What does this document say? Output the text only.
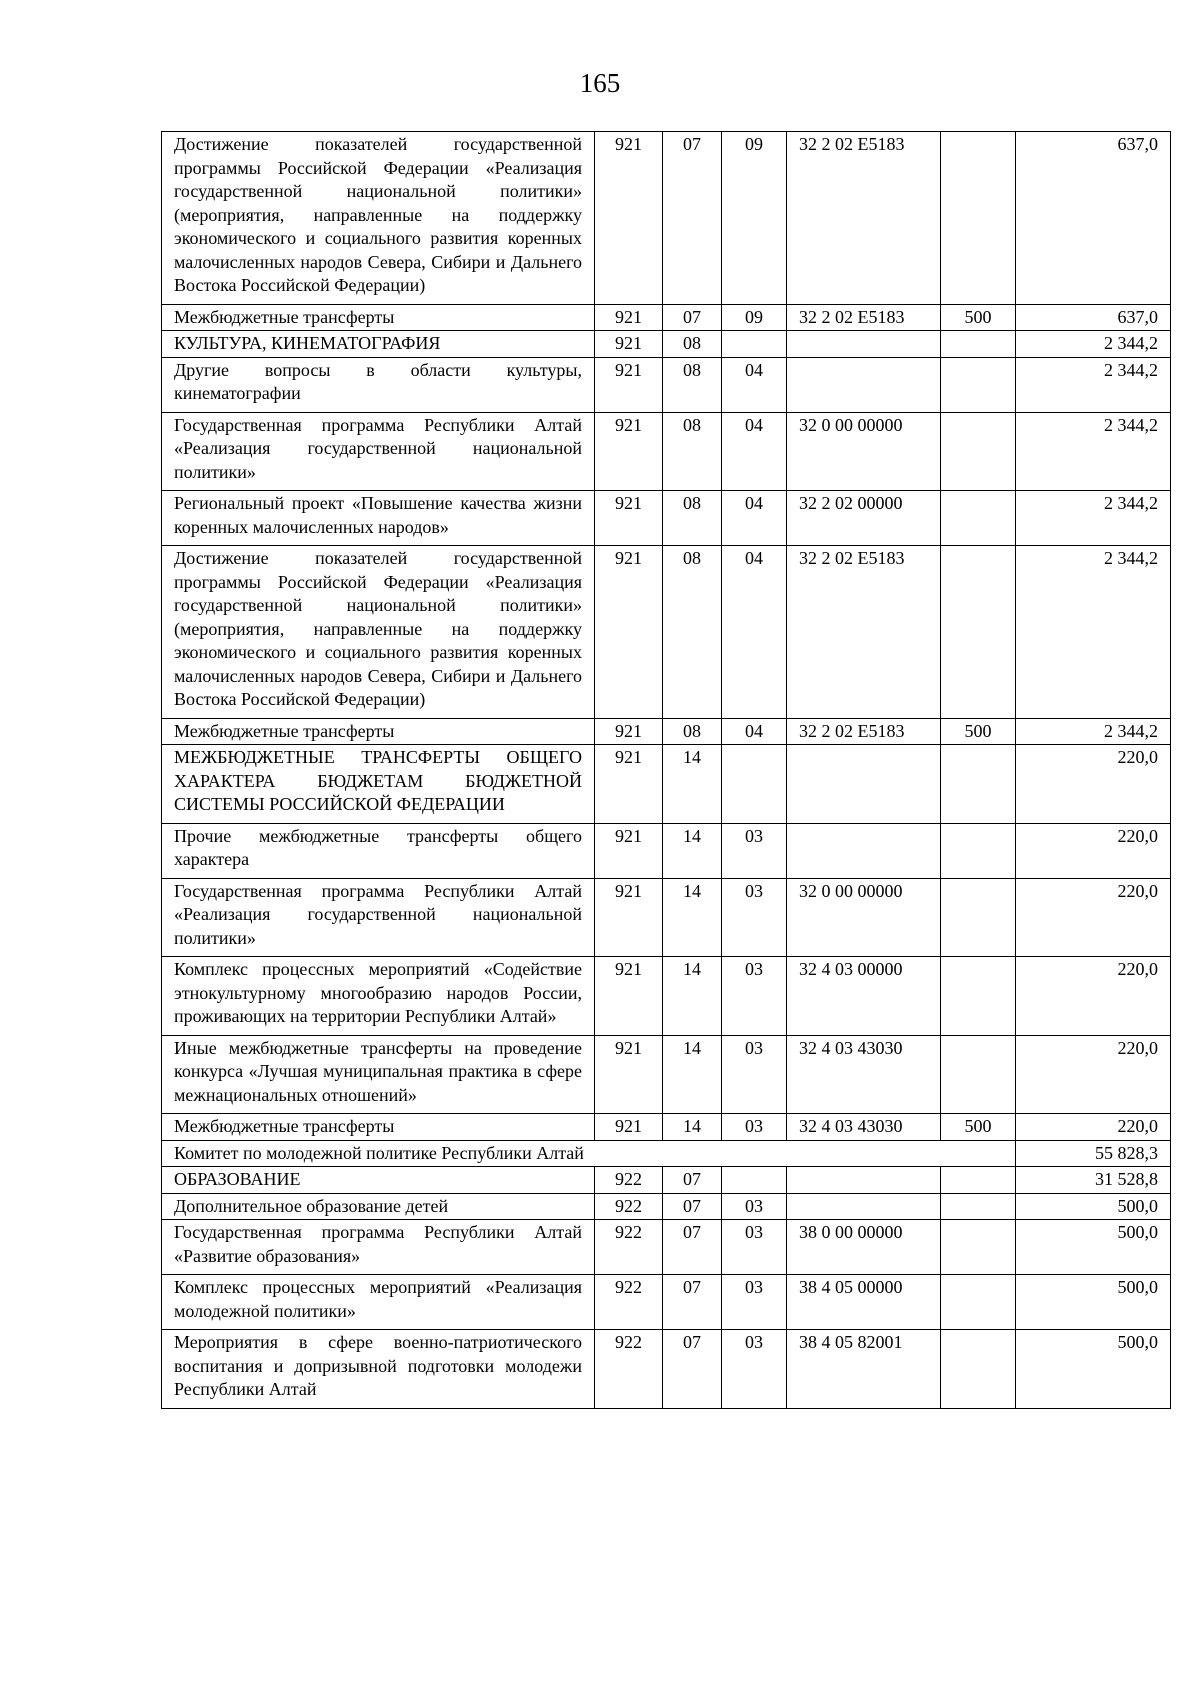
165
Достижение показателей государственной программы Российской Федерации «Реализация государственной национальной политики» (мероприятия, направленные на поддержку экономического и социального развития коренных малочисленных народов Севера, Сибири и Дальнего Востока Российской Федерации)	921	07	09	32 2 02 E5183		637,0
Межбюджетные трансферты	921	07	09	32 2 02 E5183	500	637,0
КУЛЬТУРА, КИНЕМАТОГРАФИЯ	921	08				2 344,2
Другие вопросы в области культуры, кинематографии	921	08	04			2 344,2
Государственная программа Республики Алтай «Реализация государственной национальной политики»	921	08	04	32 0 00 00000		2 344,2
Региональный проект «Повышение качества жизни коренных малочисленных народов»	921	08	04	32 2 02 00000		2 344,2
Достижение показателей государственной программы Российской Федерации «Реализация государственной национальной политики» (мероприятия, направленные на поддержку экономического и социального развития коренных малочисленных народов Севера, Сибири и Дальнего Востока Российской Федерации)	921	08	04	32 2 02 E5183		2 344,2
Межбюджетные трансферты	921	08	04	32 2 02 E5183	500	2 344,2
МЕЖБЮДЖЕТНЫЕ ТРАНСФЕРТЫ ОБЩЕГО ХАРАКТЕРА БЮДЖЕТАМ БЮДЖЕТНОЙ СИСТЕМЫ РОССИЙСКОЙ ФЕДЕРАЦИИ	921	14				220,0
Прочие межбюджетные трансферты общего характера	921	14	03			220,0
Государственная программа Республики Алтай «Реализация государственной национальной политики»	921	14	03	32 0 00 00000		220,0
Комплекс процессных мероприятий «Содействие этнокультурному многообразию народов России, проживающих на территории Республики Алтай»	921	14	03	32 4 03 00000		220,0
Иные межбюджетные трансферты на проведение конкурса «Лучшая муниципальная практика в сфере межнациональных отношений»	921	14	03	32 4 03 43030		220,0
Межбюджетные трансферты	921	14	03	32 4 03 43030	500	220,0
Комитет по молодежной политике Республики Алтай						55 828,3
ОБРАЗОВАНИЕ	922	07				31 528,8
Дополнительное образование детей	922	07	03			500,0
Государственная программа Республики Алтай «Развитие образования»	922	07	03	38 0 00 00000		500,0
Комплекс процессных мероприятий «Реализация молодежной политики»	922	07	03	38 4 05 00000		500,0
Мероприятия в сфере военно-патриотического воспитания и допризывной подготовки молодежи Республики Алтай	922	07	03	38 4 05 82001		500,0
